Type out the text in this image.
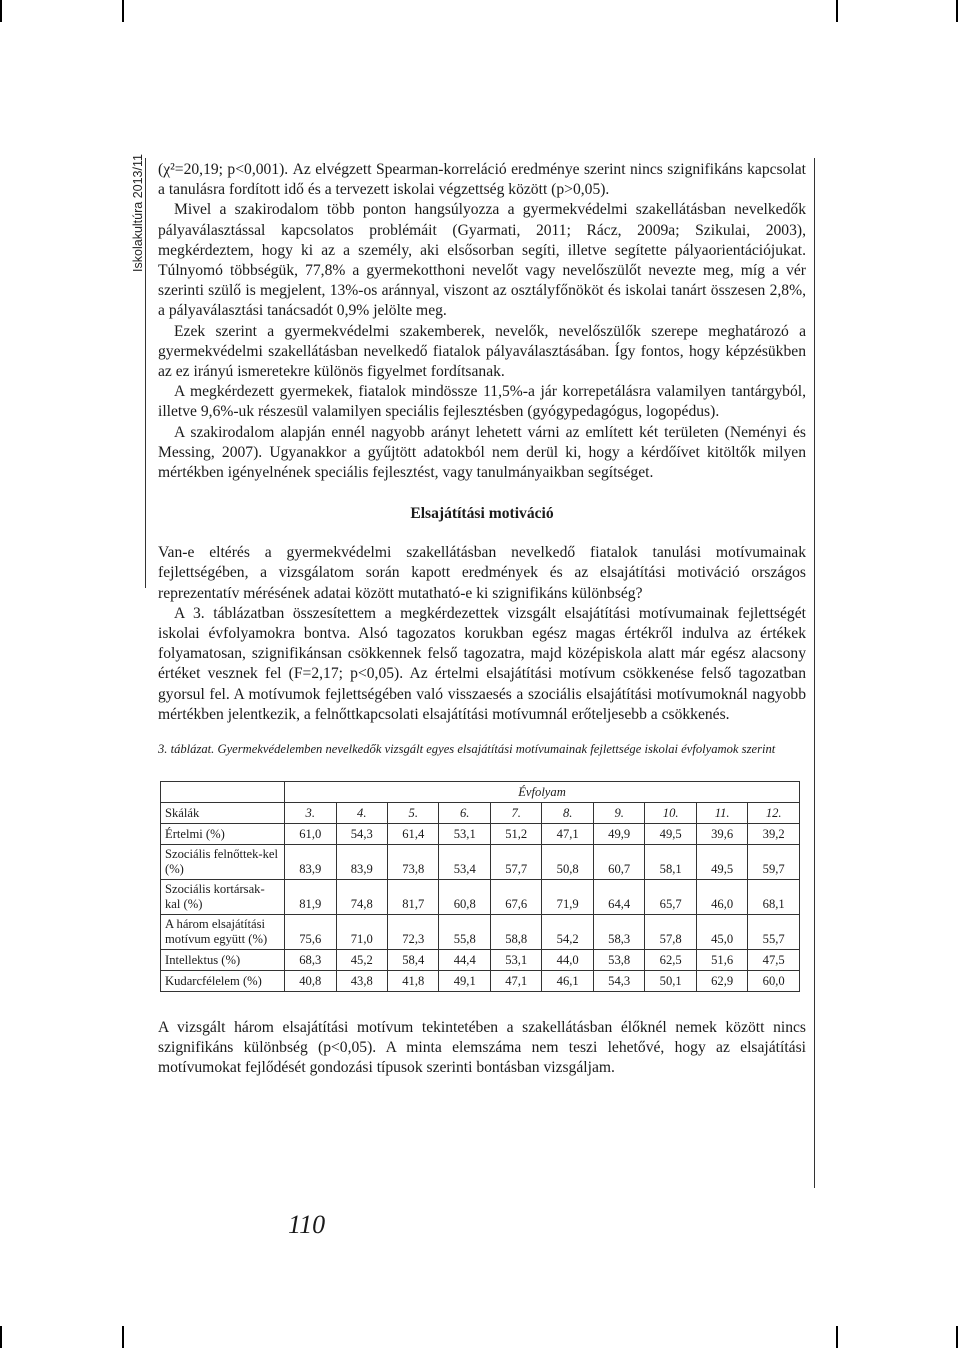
Iskolakultúra 2013/11 (χ²=20,19; p<0,001). Az elvégzett Spearman-korreláció eredménye szerint nincs szignifikáns kapcsolat a tanulásra fordított idő és a tervezett iskolai végzettség között (p>0,05).

Mivel a szakirodalom több ponton hangsúlyozza a gyermekvédelmi szakellátásban nevelkedők pályaválasztással kapcsolatos problémáit (Gyarmati, 2011; Rácz, 2009a; Szikulai, 2003), megkérdeztem, hogy ki az a személy, aki elsősorban segíti, illetve segítette pályaorientációjukat. Túlnyomó többségük, 77,8% a gyermekotthoni nevelőt vagy nevelőszülőt nevezte meg, míg a vér szerinti szülő is megjelent, 13%-os aránnyal, viszont az osztályfőnököt és iskolai tanárt összesen 2,8%, a pályaválasztási tanácsadót 0,9% jelölte meg.

Ezek szerint a gyermekvédelmi szakemberek, nevelők, nevelőszülők szerepe meghatározó a gyermekvédelmi szakellátásban nevelkedő fiatalok pályaválasztásában. Így fontos, hogy képzésükben az ez irányú ismeretekre különös figyelmet fordítsanak.

A megkérdezett gyermekek, fiatalok mindössze 11,5%-a jár korrepetálásra valamilyen tantárgyból, illetve 9,6%-uk részesül valamilyen speciális fejlesztésben (gyógypedagógus, logopédus).

A szakirodalom alapján ennél nagyobb arányt lehetett várni az említett két területen (Neményi és Messing, 2007). Ugyanakkor a gyűjtött adatokból nem derül ki, hogy a kérdőívet kitöltők milyen mértékben igényelnének speciális fejlesztést, vagy tanulmányaikban segítséget.

Elsajátítási motiváció

Van-e eltérés a gyermekvédelmi szakellátásban nevelkedő fiatalok tanulási motívumainak fejlettségében, a vizsgálatom során kapott eredmények és az elsajátítási motiváció országos reprezentatív mérésének adatai között mutatható-e ki szignifikáns különbség?

A 3. táblázatban összesítettem a megkérdezettek vizsgált elsajátítási motívumainak fejlettségét iskolai évfolyamokra bontva. Alsó tagozatos korukban egész magas értékről indulva az értékek folyamatosan, szignifikánsan csökkennek felső tagozatra, majd középiskola alatt már egész alacsony értéket vesznek fel (F=2,17; p<0,05). Az értelmi elsajátítási motívum csökkenése felső tagozatban gyorsul fel. A motívumok fejlettségében való visszaesés a szociális elsajátítási motívumoknál nagyobb mértékben jelentkezik, a felnőttkapcsolati elsajátítási motívumnál erőteljesebb a csökkenés.

3. táblázat. Gyermekvédelemben nevelkedők vizsgált egyes elsajátítási motívumainak fejlettsége iskolai évfolyamok szerint

	Évfolyam									
Skálák	3.	4.	5.	6.	7.	8.	9.	10.	11.	12.
Értelmi (%)	61,0	54,3	61,4	53,1	51,2	47,1	49,9	49,5	39,6	39,2
Szociális felnőttek-kel (%)	83,9	83,9	73,8	53,4	57,7	50,8	60,7	58,1	49,5	59,7
Szociális kortársak-kal (%)	81,9	74,8	81,7	60,8	67,6	71,9	64,4	65,7	46,0	68,1
A három elsajátítási motívum együtt (%)	75,6	71,0	72,3	55,8	58,8	54,2	58,3	57,8	45,0	55,7
Intellektus (%)	68,3	45,2	58,4	44,4	53,1	44,0	53,8	62,5	51,6	47,5
Kudarcfélelem (%)	40,8	43,8	41,8	49,1	47,1	46,1	54,3	50,1	62,9	60,0

A vizsgált három elsajátítási motívum tekintetében a szakellátásban élőknél nemek között nincs szignifikáns különbség (p<0,05). A minta elemszáma nem teszi lehetővé, hogy az elsajátítási motívumokat fejlődését gondozási típusok szerinti bontásban vizsgáljam.

110
